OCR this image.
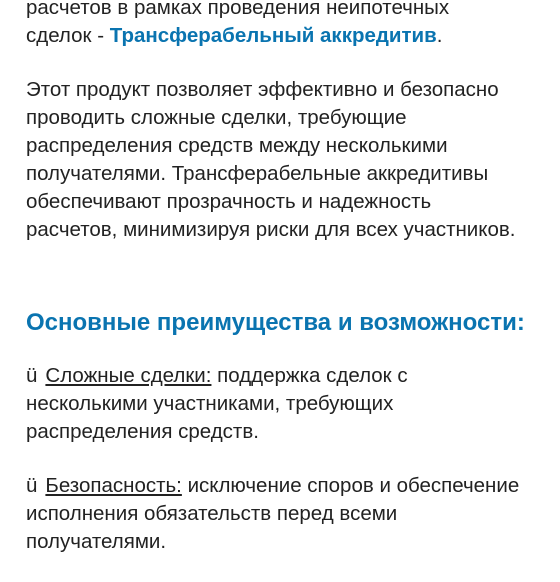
расчетов в рамках проведения неипотечных
сделок - Трансферабельный аккредитив.
Этот продукт позволяет эффективно и безопасно
проводить сложные сделки, требующие
распределения средств между несколькими
получателями. Трансферабельные аккредитивы
обеспечивают прозрачность и надежность
расчетов, минимизируя риски для всех участников.
Основные преимущества и возможности:
ü Сложные сделки: поддержка сделок с
несколькими участниками, требующих
распределения средств.
ü Безопасность: исключение споров и обеспечение
исполнения обязательств перед всеми
получателями.
